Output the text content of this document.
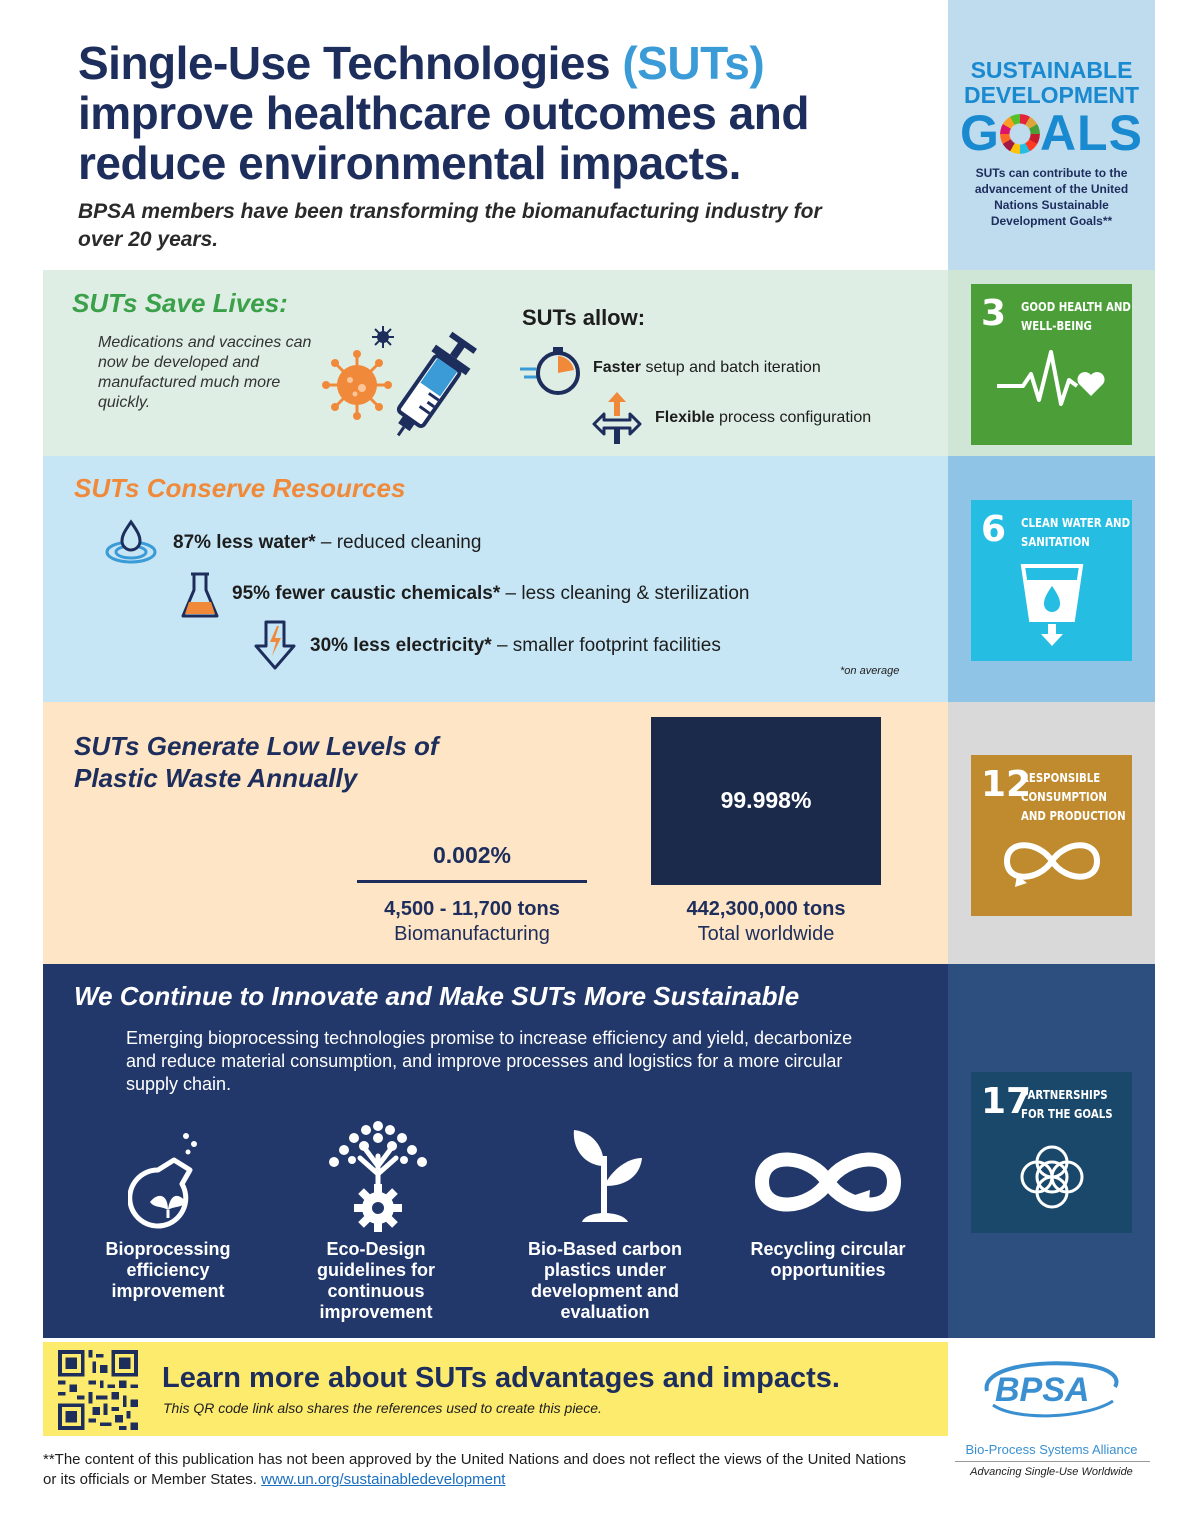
Single-Use Technologies (SUTs) improve healthcare outcomes and reduce environmental impacts.
BPSA members have been transforming the biomanufacturing industry for over 20 years.
SUSTAINABLE
DEVELOPMENT
G ALS
SUTs can contribute to the advancement of the United Nations Sustainable Development Goals**
3 GOOD HEALTH AND WELL-BEING
6 CLEAN WATER AND SANITATION
12
RESPONSIBLE CONSUMPTION AND PRODUCTION
17
PARTNERSHIPS FOR THE GOALS
SUTs Save Lives:
Medications and vaccines can now be developed and manufactured much more quickly.
SUTs allow:
Faster setup and batch iteration
Flexible process configuration
SUTs Conserve Resources
87% less water* – reduced cleaning
95% fewer caustic chemicals* – less cleaning & sterilization
30% less electricity* – smaller footprint facilities
*on average
SUTs Generate Low Levels of Plastic Waste Annually
0.002%
4,500 - 11,700 tons
Biomanufacturing
99.998%
442,300,000 tons
Total worldwide
We Continue to Innovate and Make SUTs More Sustainable
Emerging bioprocessing technologies promise to increase efficiency and yield, decarbonize and reduce material consumption, and improve processes and logistics for a more circular supply chain.
Bioprocessing efficiency improvement
Eco-Design guidelines for continuous improvement
Bio-Based carbon plastics under development and evaluation
Recycling circular opportunities
Learn more about SUTs advantages and impacts.
This QR code link also shares the references used to create this piece.
**The content of this publication has not been approved by the United Nations and does not reflect the views of the United Nations or its officials or Member States. www.un.org/sustainabledevelopment
BPSA
Bio-Process Systems Alliance
Advancing Single-Use Worldwide
